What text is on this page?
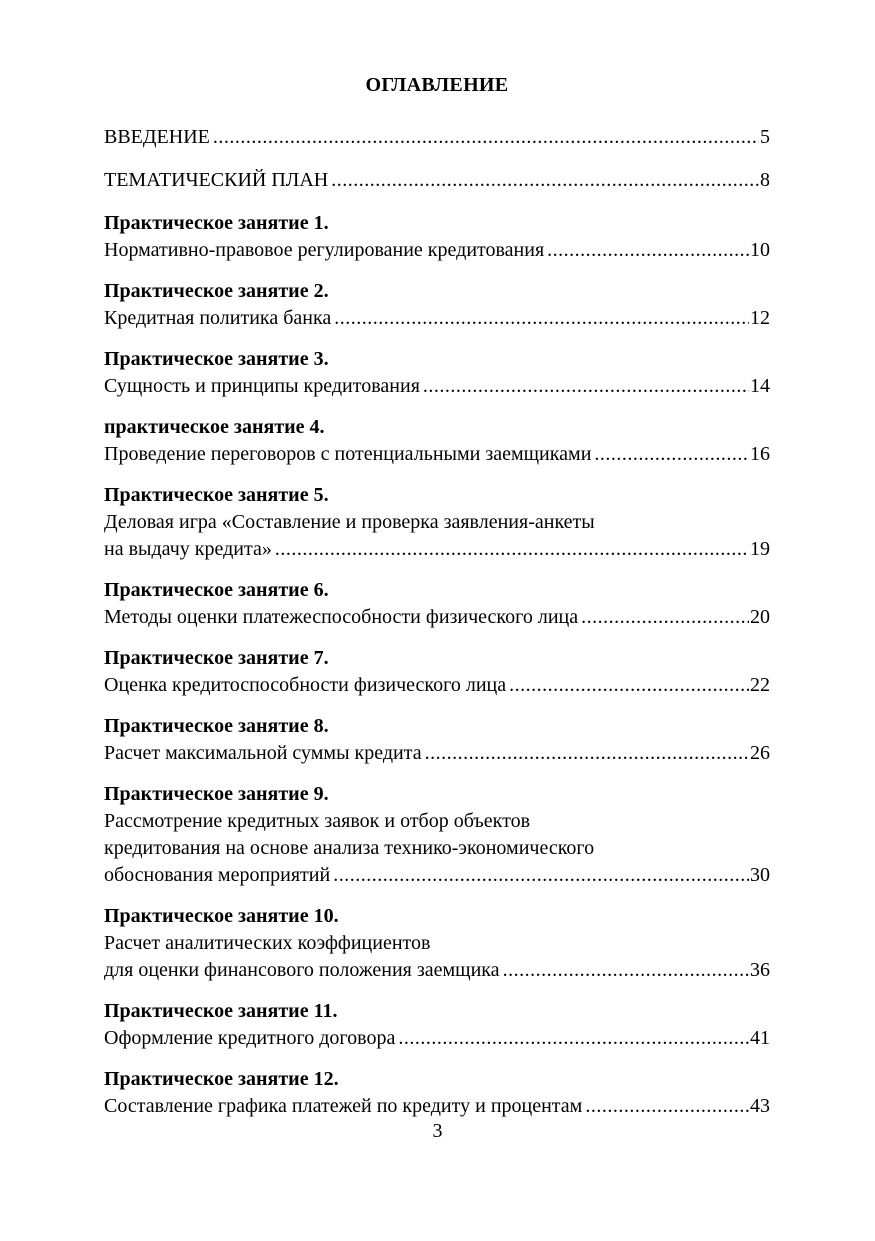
ОГЛАВЛЕНИЕ
ВВЕДЕНИЕ .....	5
ТЕМАТИЧЕСКИЙ ПЛАН .....	8
Практическое занятие 1.
Нормативно-правовое регулирование кредитования .....	10
Практическое занятие 2.
Кредитная политика банка .....	12
Практическое занятие 3.
Сущность и принципы кредитования .....	14
практическое занятие 4.
Проведение переговоров с потенциальными заемщиками .....	16
Практическое занятие 5.
Деловая игра «Составление и проверка заявления-анкеты
на выдачу кредита» .....	19
Практическое занятие 6.
Методы оценки платежеспособности физического лица .....	20
Практическое занятие 7.
Оценка кредитоспособности физического лица .....	22
Практическое занятие 8.
Расчет максимальной суммы кредита .....	26
Практическое занятие 9.
Рассмотрение кредитных заявок и отбор объектов
кредитования на основе анализа технико-экономического
обоснования мероприятий .....	30
Практическое занятие 10.
Расчет аналитических коэффициентов
для оценки финансового положения заемщика .....	36
Практическое занятие 11.
Оформление кредитного договора .....	41
Практическое занятие 12.
Составление графика платежей по кредиту и процентам .....	43
3
